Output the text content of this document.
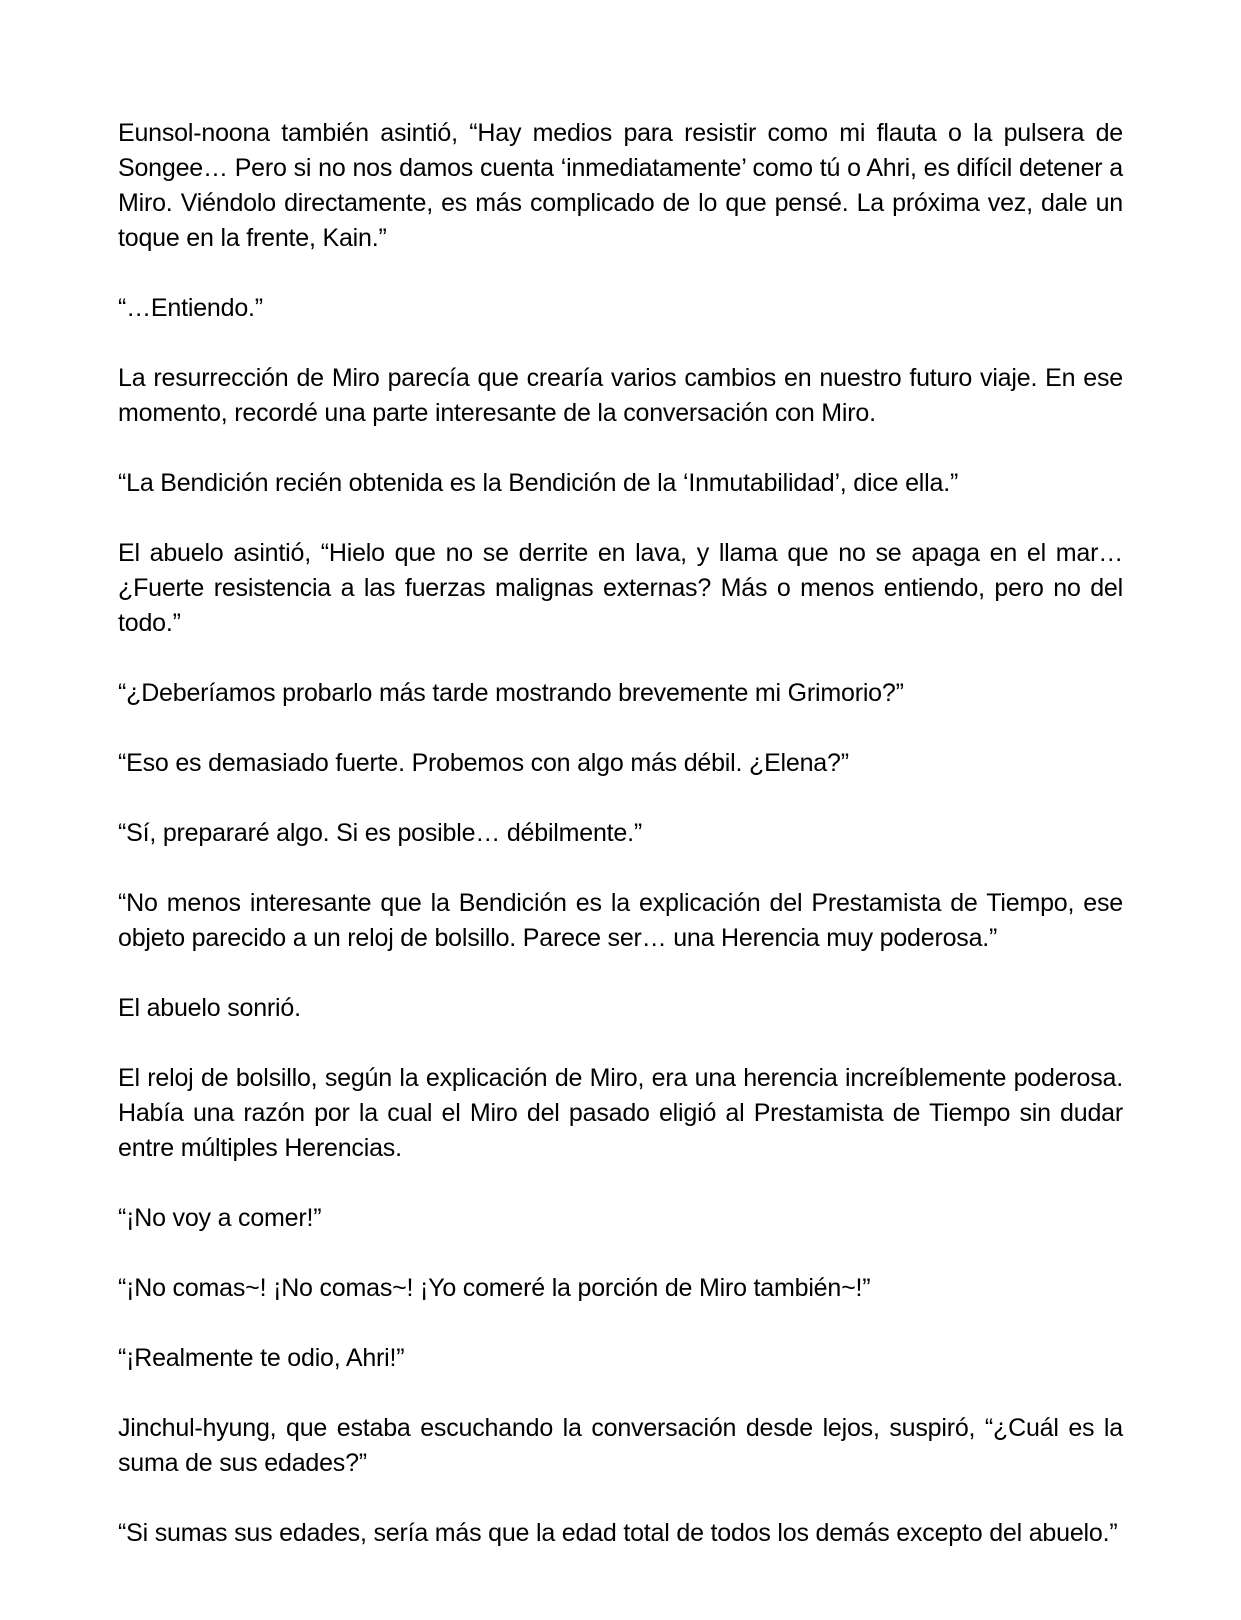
Eunsol-noona también asintió, “Hay medios para resistir como mi flauta o la pulsera de Songee… Pero si no nos damos cuenta ‘inmediatamente’ como tú o Ahri, es difícil detener a Miro. Viéndolo directamente, es más complicado de lo que pensé. La próxima vez, dale un toque en la frente, Kain.”

“…Entiendo.”

La resurrección de Miro parecía que crearía varios cambios en nuestro futuro viaje. En ese momento, recordé una parte interesante de la conversación con Miro.

“La Bendición recién obtenida es la Bendición de la ‘Inmutabilidad’, dice ella.”

El abuelo asintió, “Hielo que no se derrite en lava, y llama que no se apaga en el mar… ¿Fuerte resistencia a las fuerzas malignas externas? Más o menos entiendo, pero no del todo.”

“¿Deberíamos probarlo más tarde mostrando brevemente mi Grimorio?”

“Eso es demasiado fuerte. Probemos con algo más débil. ¿Elena?”

“Sí, prepararé algo. Si es posible… débilmente.”

“No menos interesante que la Bendición es la explicación del Prestamista de Tiempo, ese objeto parecido a un reloj de bolsillo. Parece ser… una Herencia muy poderosa.”

El abuelo sonrió.

El reloj de bolsillo, según la explicación de Miro, era una herencia increíblemente poderosa. Había una razón por la cual el Miro del pasado eligió al Prestamista de Tiempo sin dudar entre múltiples Herencias.

“¡No voy a comer!”

“¡No comas~! ¡No comas~! ¡Yo comeré la porción de Miro también~!”

“¡Realmente te odio, Ahri!”

Jinchul-hyung, que estaba escuchando la conversación desde lejos, suspiró, “¿Cuál es la suma de sus edades?”

“Si sumas sus edades, sería más que la edad total de todos los demás excepto del abuelo.”
